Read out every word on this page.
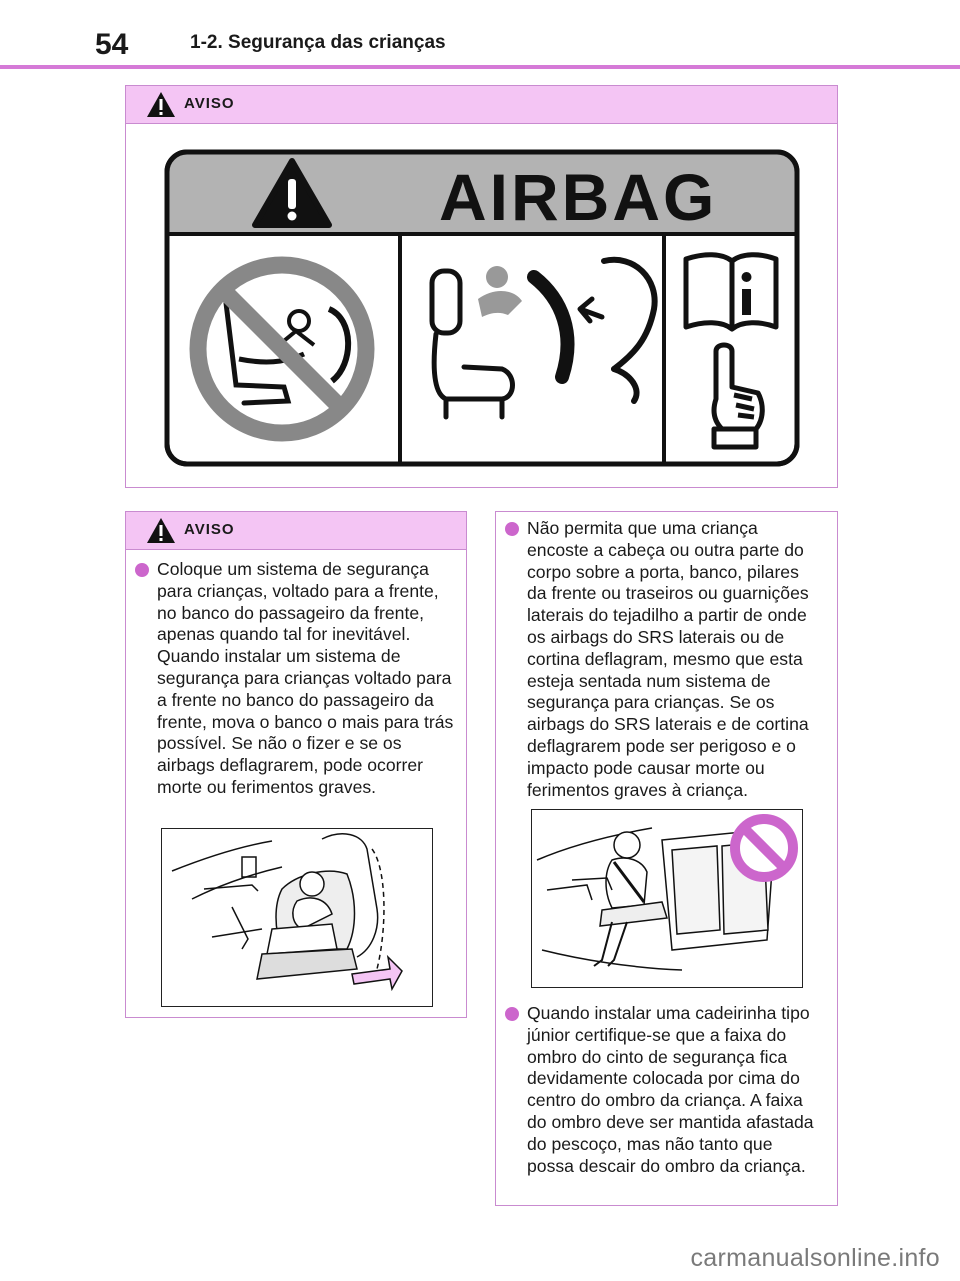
54	1-2. Segurança das crianças
AVISO
AIRBAG
AVISO
Coloque um sistema de segurança para crianças, voltado para a frente, no banco do passageiro da frente, apenas quando tal for inevitável. Quando instalar um sistema de segurança para crianças voltado para a frente no banco do passageiro da frente, mova o banco o mais para trás possível. Se não o fizer e se os airbags deflagrarem, pode ocorrer morte ou ferimentos graves.
Não permita que uma criança encoste a cabeça ou outra parte do corpo sobre a porta, banco, pilares da frente ou traseiros ou guarnições laterais do tejadilho a partir de onde os airbags do SRS laterais ou de cortina deflagram, mesmo que esta esteja sentada num sistema de segurança para crianças. Se os airbags do SRS laterais e de cortina deflagrarem pode ser perigoso e o impacto pode causar morte ou ferimentos graves à criança.
Quando instalar uma cadeirinha tipo júnior certifique-se que a faixa do ombro do cinto de segurança fica devidamente colocada por cima do centro do ombro da criança. A faixa do ombro deve ser mantida afastada do pescoço, mas não tanto que possa descair do ombro da criança.
carmanualsonline.info
